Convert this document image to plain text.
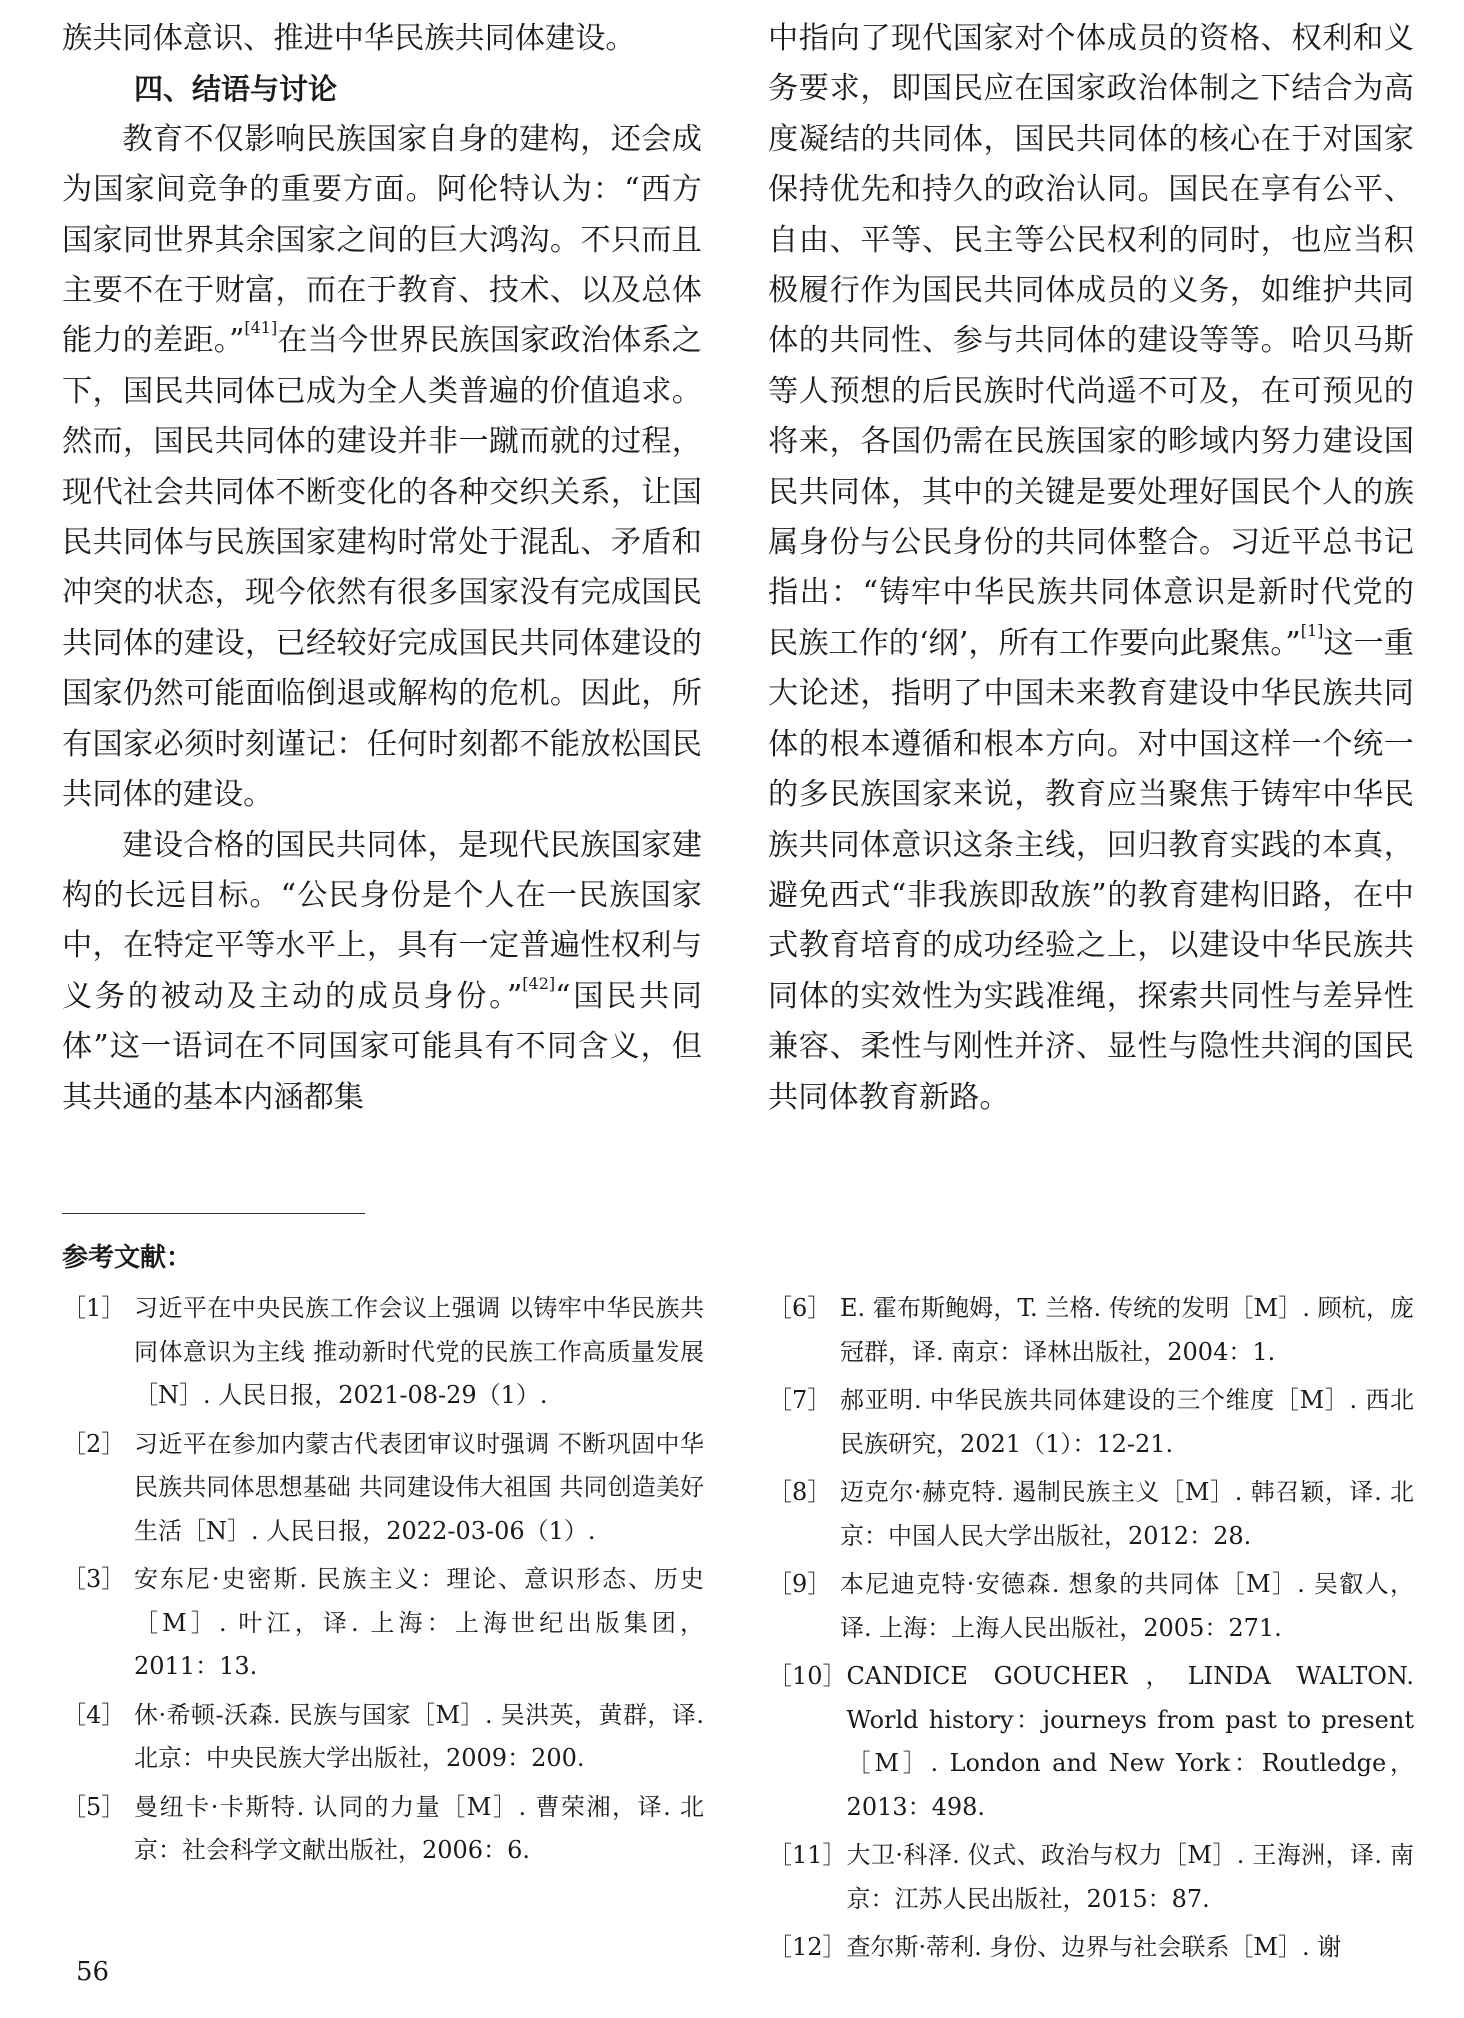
族共同体意识、推进中华民族共同体建设。

四、结语与讨论

教育不仅影响民族国家自身的建构，还会成为国家间竞争的重要方面。阿伦特认为：“西方国家同世界其余国家之间的巨大鸿沟。不只而且主要不在于财富，而在于教育、技术、以及总体能力的差距。”[41]在当今世界民族国家政治体系之下，国民共同体已成为全人类普遍的价值追求。然而，国民共同体的建设并非一蹴而就的过程，现代社会共同体不断变化的各种交织关系，让国民共同体与民族国家建构时常处于混乱、矛盾和冲突的状态，现今依然有很多国家没有完成国民共同体的建设，已经较好完成国民共同体建设的国家仍然可能面临倒退或解构的危机。因此，所有国家必须时刻谨记：任何时刻都不能放松国民共同体的建设。

建设合格的国民共同体，是现代民族国家建构的长远目标。“公民身份是个人在一民族国家中，在特定平等水平上，具有一定普遍性权利与义务的被动及主动的成员身份。”[42]“国民共同体”这一语词在不同国家可能具有不同含义，但其共通的基本内涵都集

中指向了现代国家对个体成员的资格、权利和义务要求，即国民应在国家政治体制之下结合为高度凝结的共同体，国民共同体的核心在于对国家保持优先和持久的政治认同。国民在享有公平、自由、平等、民主等公民权利的同时，也应当积极履行作为国民共同体成员的义务，如维护共同体的共同性、参与共同体的建设等等。哈贝马斯等人预想的后民族时代尚遥不可及，在可预见的将来，各国仍需在民族国家的畛域内努力建设国民共同体，其中的关键是要处理好国民个人的族属身份与公民身份的共同体整合。习近平总书记指出：“铸牢中华民族共同体意识是新时代党的民族工作的‘纲’，所有工作要向此聚焦。”[1]这一重大论述，指明了中国未来教育建设中华民族共同体的根本遵循和根本方向。对中国这样一个统一的多民族国家来说，教育应当聚焦于铸牢中华民族共同体意识这条主线，回归教育实践的本真，避免西式“非我族即敌族”的教育建构旧路，在中式教育培育的成功经验之上，以建设中华民族共同体的实效性为实践准绳，探索共同性与差异性兼容、柔性与刚性并济、显性与隐性共润的国民共同体教育新路。

参考文献：
［1］ 习近平在中央民族工作会议上强调 以铸牢中华民族共同体意识为主线 推动新时代党的民族工作高质量发展［N］. 人民日报，2021-08-29（1）.
［2］ 习近平在参加内蒙古代表团审议时强调 不断巩固中华民族共同体思想基础 共同建设伟大祖国 共同创造美好生活［N］. 人民日报，2022-03-06（1）.
［3］ 安东尼·史密斯. 民族主义：理论、意识形态、历史［M］. 叶江，译. 上海：上海世纪出版集团，2011：13.
［4］ 休·希顿-沃森. 民族与国家［M］. 吴洪英，黄群，译. 北京：中央民族大学出版社，2009：200.
［5］ 曼纽卡·卡斯特. 认同的力量［M］. 曹荣湘，译. 北京：社会科学文献出版社，2006：6.
［6］ E. 霍布斯鲍姆，T. 兰格. 传统的发明［M］. 顾杭，庞冠群，译. 南京：译林出版社，2004：1.
［7］ 郝亚明. 中华民族共同体建设的三个维度［M］. 西北民族研究，2021（1）：12-21.
［8］ 迈克尔·赫克特. 遏制民族主义［M］. 韩召颖，译. 北京：中国人民大学出版社，2012：28.
［9］ 本尼迪克特·安德森. 想象的共同体［M］. 吴叡人，译. 上海：上海人民出版社，2005：271.
［10］ CANDICE GOUCHER，LINDA WALTON. World history：journeys from past to present［M］. London and New York：Routledge，2013：498.
［11］ 大卫·科泽. 仪式、政治与权力［M］. 王海洲，译. 南京：江苏人民出版社，2015：87.
［12］ 查尔斯·蒂利. 身份、边界与社会联系［M］. 谢
56
